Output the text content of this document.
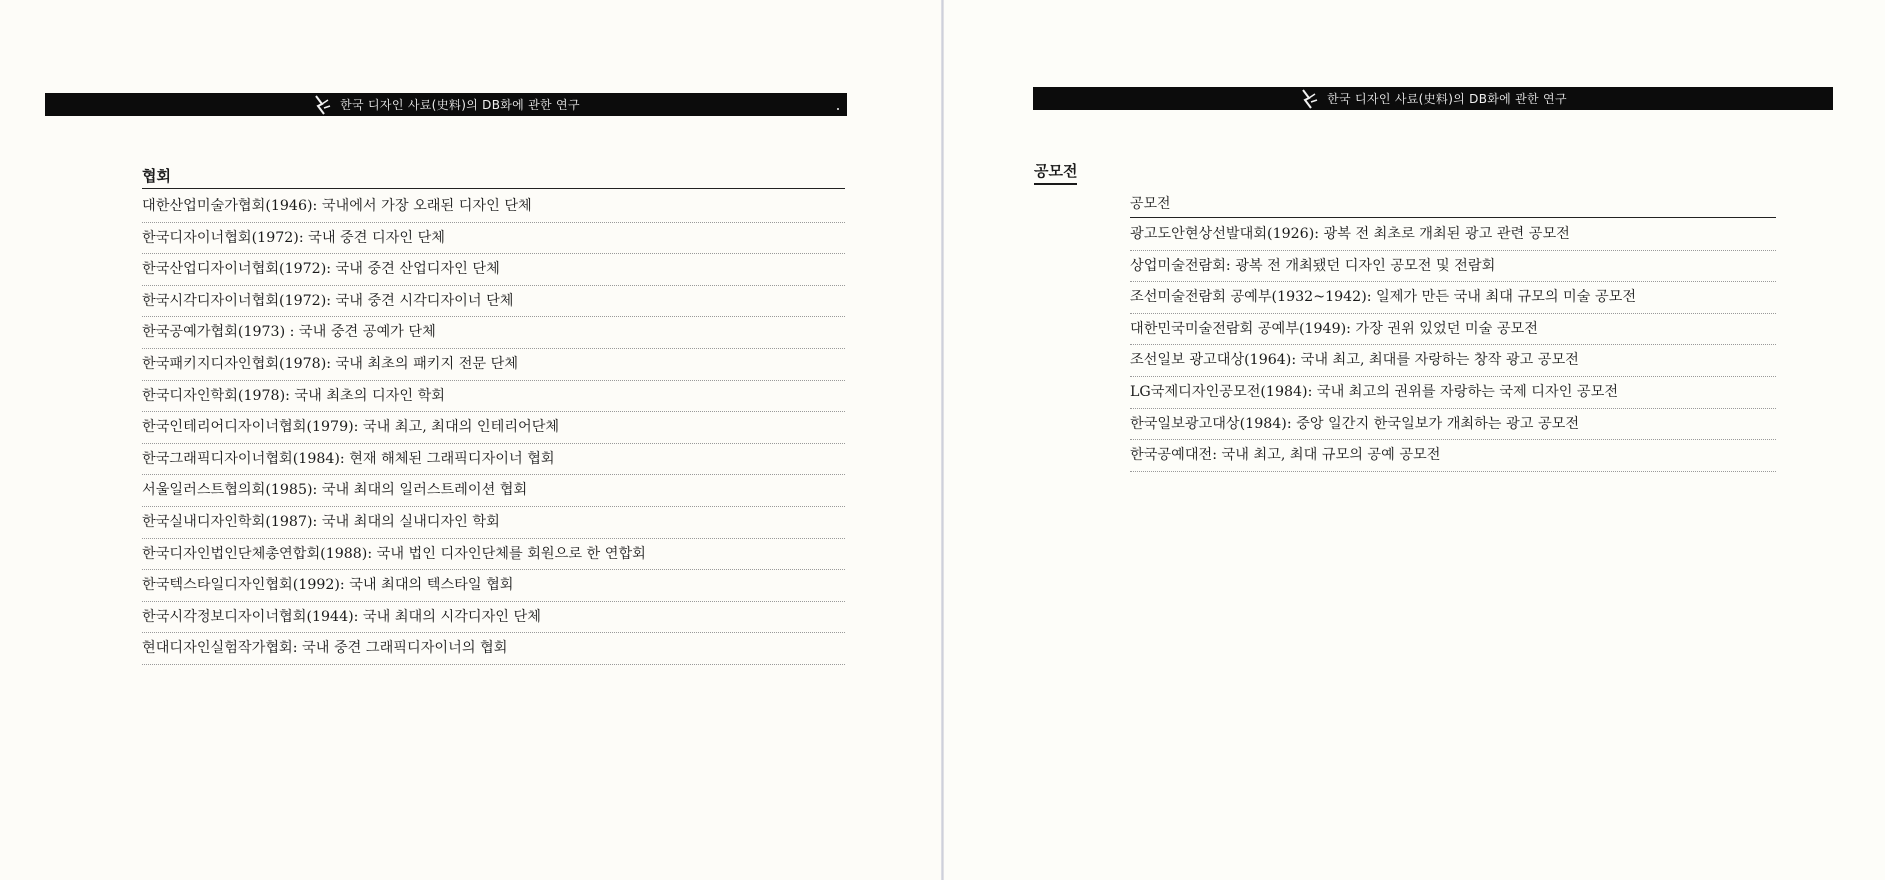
한국 디자인 사료(史料)의 DB화에 관한 연구
협회
대한산업미술가협회(1946): 국내에서 가장 오래된 디자인 단체
한국디자이너협회(1972): 국내 중견 디자인 단체
한국산업디자이너협회(1972): 국내 중견 산업디자인 단체
한국시각디자이너협회(1972): 국내 중견 시각디자이너 단체
한국공예가협회(1973) : 국내 중견 공예가 단체
한국패키지디자인협회(1978): 국내 최초의 패키지 전문 단체
한국디자인학회(1978): 국내 최초의 디자인 학회
한국인테리어디자이너협회(1979): 국내 최고, 최대의 인테리어단체
한국그래픽디자이너협회(1984): 현재 해체된 그래픽디자이너 협회
서울일러스트협의회(1985): 국내 최대의 일러스트레이션 협회
한국실내디자인학회(1987): 국내 최대의 실내디자인 학회
한국디자인법인단체총연합회(1988): 국내 법인 디자인단체를 회원으로 한 연합회
한국텍스타일디자인협회(1992): 국내 최대의 텍스타일 협회
한국시각정보디자이너협회(1944): 국내 최대의 시각디자인 단체
현대디자인실험작가협회: 국내 중견 그래픽디자이너의 협회
한국 디자인 사료(史料)의 DB화에 관한 연구
공모전
공모전
광고도안현상선발대회(1926): 광복 전 최초로 개최된 광고 관련 공모전
상업미술전람회: 광복 전 개최됐던 디자인 공모전 및 전람회
조선미술전람회 공예부(1932~1942): 일제가 만든 국내 최대 규모의 미술 공모전
대한민국미술전람회 공예부(1949): 가장 권위 있었던 미술 공모전
조선일보 광고대상(1964): 국내 최고, 최대를 자랑하는 창작 광고 공모전
LG국제디자인공모전(1984): 국내 최고의 권위를 자랑하는 국제 디자인 공모전
한국일보광고대상(1984): 중앙 일간지 한국일보가 개최하는 광고 공모전
한국공예대전: 국내 최고, 최대 규모의 공예 공모전
